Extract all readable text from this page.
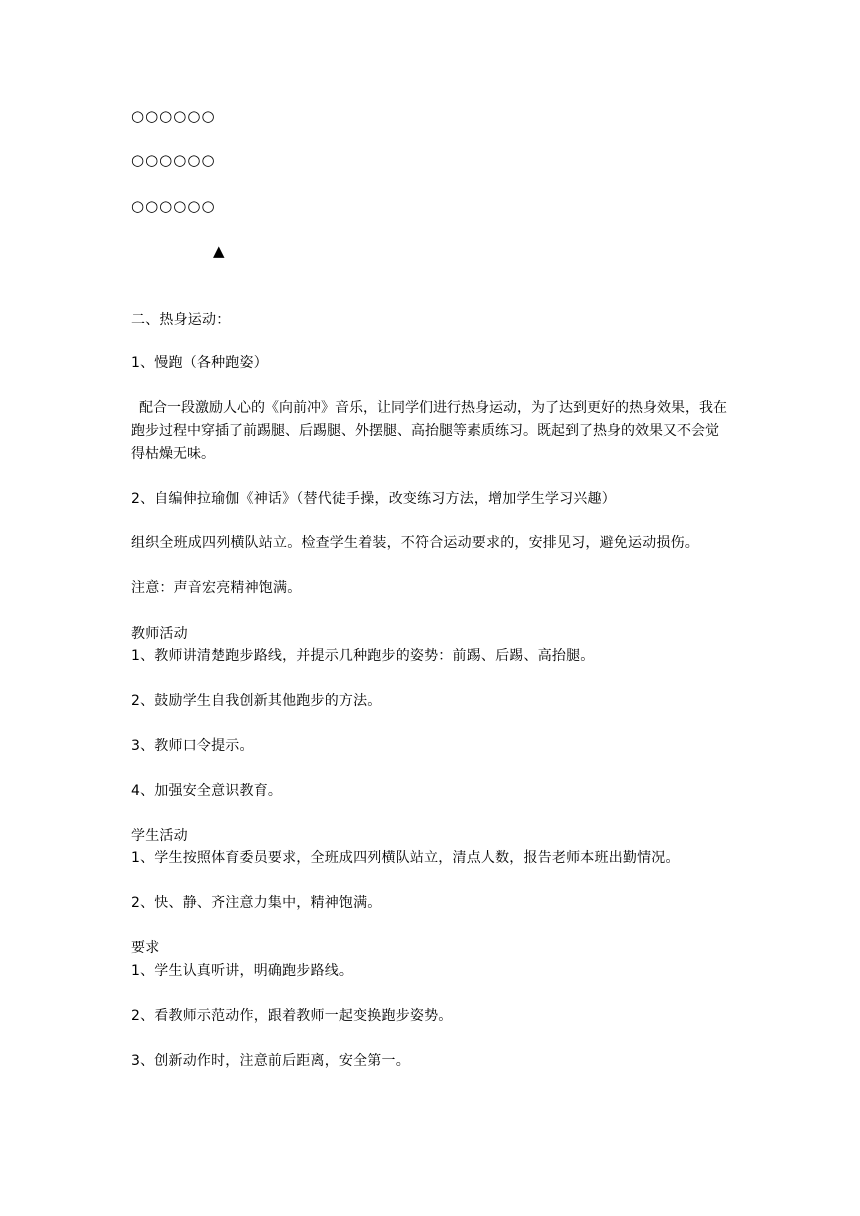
○○○○○○
○○○○○○
○○○○○○
▲
二、热身运动：
1、慢跑（各种跑姿）
配合一段激励人心的《向前冲》音乐，让同学们进行热身运动，为了达到更好的热身效果，我在跑步过程中穿插了前踢腿、后踢腿、外摆腿、高抬腿等素质练习。既起到了热身的效果又不会觉得枯燥无味。
2、自编伸拉瑜伽《神话》（替代徒手操，改变练习方法，增加学生学习兴趣）
组织全班成四列横队站立。检查学生着装，不符合运动要求的，安排见习，避免运动损伤。
注意：声音宏亮精神饱满。
教师活动
1、教师讲清楚跑步路线，并提示几种跑步的姿势：前踢、后踢、高抬腿。
2、鼓励学生自我创新其他跑步的方法。
3、教师口令提示。
4、加强安全意识教育。
学生活动
1、学生按照体育委员要求，全班成四列横队站立，清点人数，报告老师本班出勤情况。
2、快、静、齐注意力集中，精神饱满。
要求
1、学生认真听讲，明确跑步路线。
2、看教师示范动作，跟着教师一起变换跑步姿势。
3、创新动作时，注意前后距离，安全第一。
